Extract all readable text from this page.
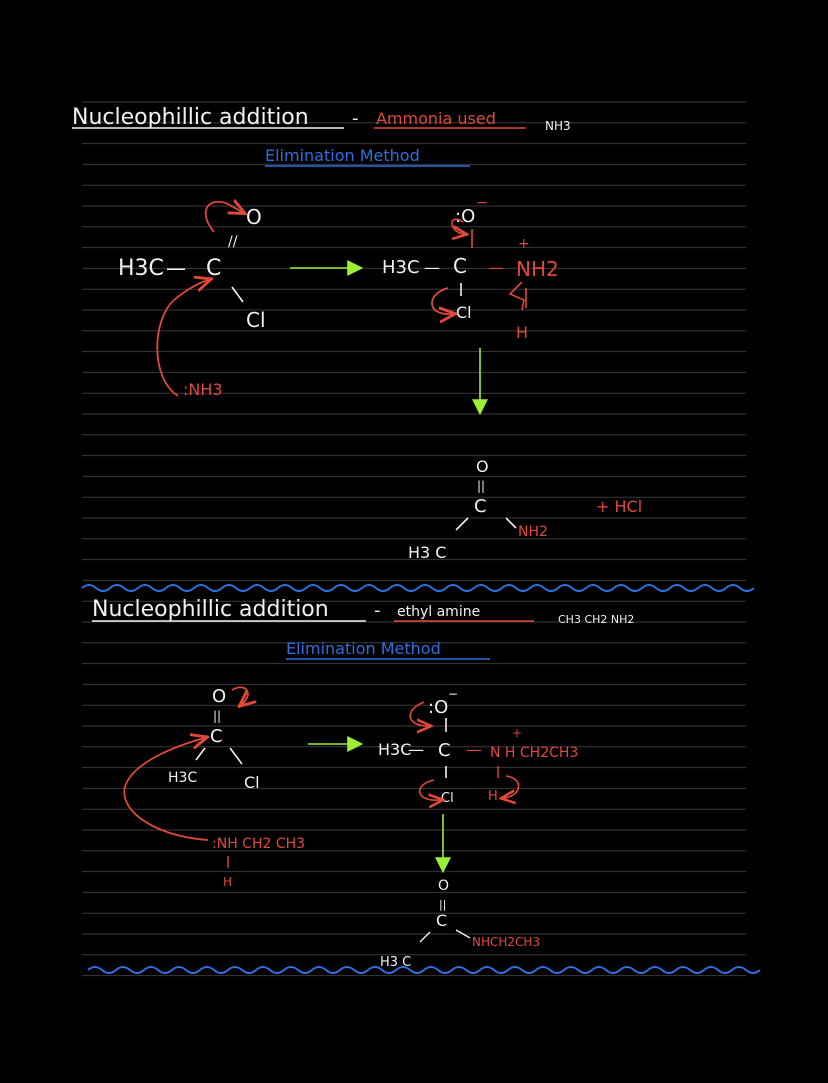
Nucleophillic addition - Ammonia used	NH3
Elimination Method
H3C — C
O
//
Cl
:NH3
:O
−
H3C — C — NH2
+
Cl
H
O
||
C
H3 C
NH2
+ HCl
Nucleophillic addition	- ethyl amine	CH3 CH2 NH2
Elimination Method
O
||
C
H3C	Cl
:NH CH2 CH3
H
:O
−
H3C
— C — N H CH2CH3
+
Cl	H
O
||
C
H3 C
NHCH2CH3
